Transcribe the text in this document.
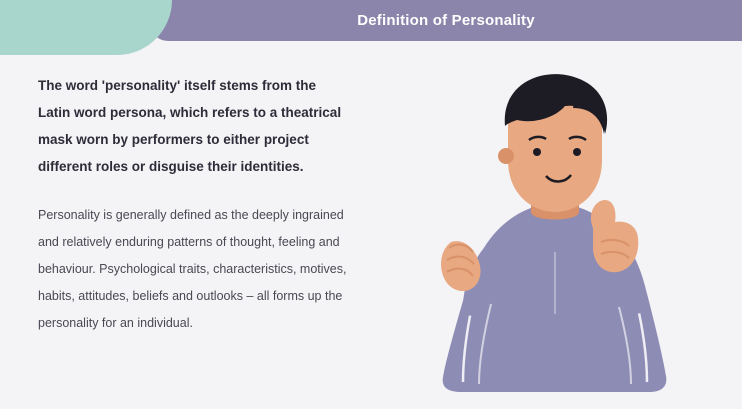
Definition of Personality

The word 'personality' itself stems from the Latin word persona, which refers to a theatrical mask worn by performers to either project different roles or disguise their identities.

Personality is generally defined as the deeply ingrained and relatively enduring patterns of thought, feeling and behaviour. Psychological traits, characteristics, motives, habits, attitudes, beliefs and outlooks – all forms up the personality for an individual.
